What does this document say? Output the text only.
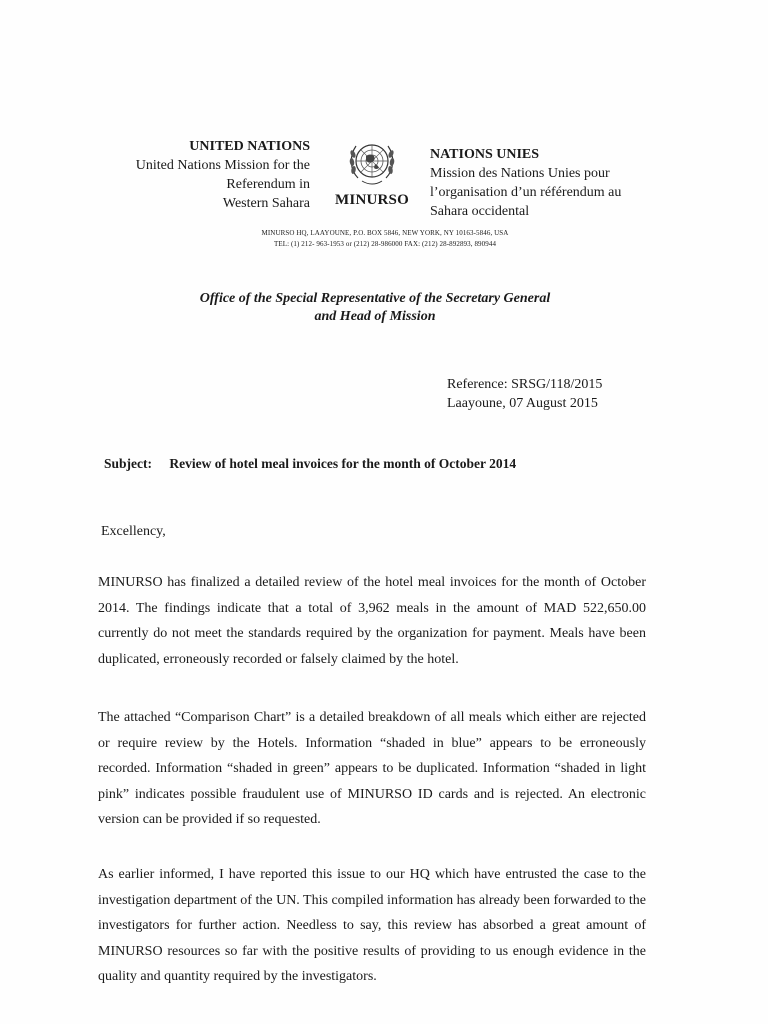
UNITED NATIONS
United Nations Mission for the
Referendum in
Western Sahara	MINURSO
NATIONS UNIES
Mission des Nations Unies pour
l’organisation d’un référendum au
Sahara occidental
MINURSO HQ, LAAYOUNE, P.O. BOX 5846, NEW YORK, NY 10163-5846, USA
TEL: (1) 212- 963-1953 or (212) 28-986000 FAX: (212) 28-892893, 890944
Office of the Special Representative of the Secretary General
and Head of Mission
Reference: SRSG/118/2015
Laayoune, 07 August 2015
Subject: Review of hotel meal invoices for the month of October 2014
Excellency,
MINURSO has finalized a detailed review of the hotel meal invoices for the month of October 2014. The findings indicate that a total of 3,962 meals in the amount of MAD 522,650.00 currently do not meet the standards required by the organization for payment. Meals have been duplicated, erroneously recorded or falsely claimed by the hotel.
The attached “Comparison Chart” is a detailed breakdown of all meals which either are rejected or require review by the Hotels. Information “shaded in blue” appears to be erroneously recorded. Information “shaded in green” appears to be duplicated. Information “shaded in light pink” indicates possible fraudulent use of MINURSO ID cards and is rejected. An electronic version can be provided if so requested.
As earlier informed, I have reported this issue to our HQ which have entrusted the case to the investigation department of the UN. This compiled information has already been forwarded to the investigators for further action. Needless to say, this review has absorbed a great amount of MINURSO resources so far with the positive results of providing to us enough evidence in the quality and quantity required by the investigators.
